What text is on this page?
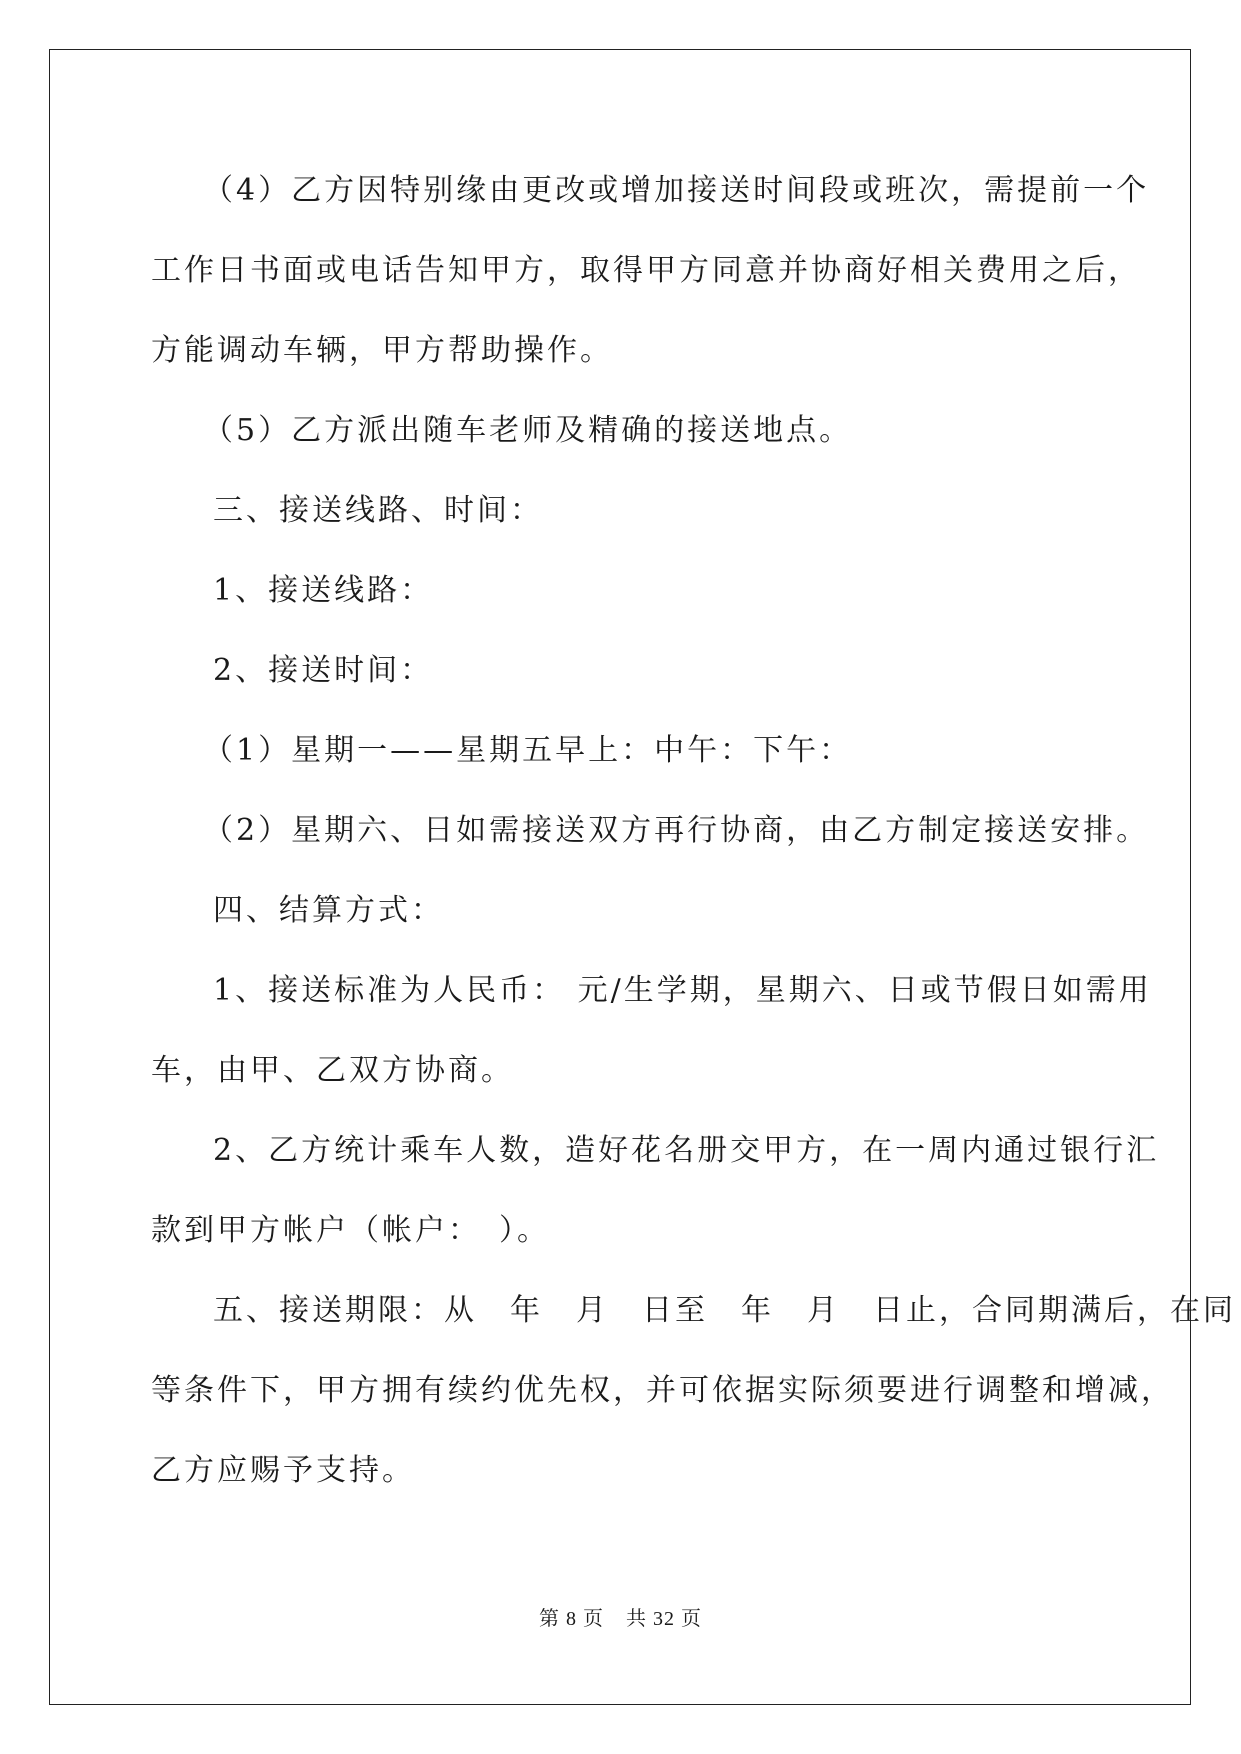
（4）乙方因特别缘由更改或增加接送时间段或班次，需提前一个

工作日书面或电话告知甲方，取得甲方同意并协商好相关费用之后，

方能调动车辆，甲方帮助操作。

（5）乙方派出随车老师及精确的接送地点。

三、接送线路、时间：

1、接送线路：

2、接送时间：

（1）星期一——星期五早上：中午：下午：

（2）星期六、日如需接送双方再行协商，由乙方制定接送安排。

四、结算方式：

1、接送标准为人民币： 元/生学期，星期六、日或节假日如需用

车，由甲、乙双方协商。

2、乙方统计乘车人数，造好花名册交甲方，在一周内通过银行汇

款到甲方帐户（帐户：　）。

五、接送期限：从　年　月　日至　年　月　日止，合同期满后，在同

等条件下，甲方拥有续约优先权，并可依据实际须要进行调整和增减，

乙方应赐予支持。

第 8 页 共 32 页
